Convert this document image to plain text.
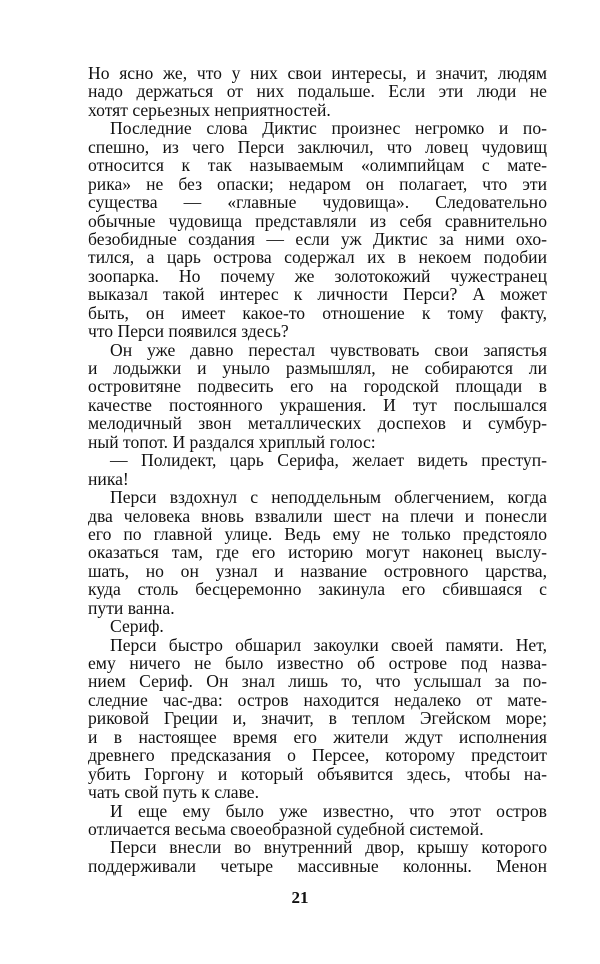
Но ясно же, что у них свои интересы, и значит, людям
надо держаться от них подальше. Если эти люди не
хотят серьезных неприятностей.
Последние слова Диктис произнес негромко и по-
спешно, из чего Перси заключил, что ловец чудовищ
относится к так называемым «олимпийцам с мате-
рика» не без опаски; недаром он полагает, что эти
существа — «главные чудовища». Следовательно
обычные чудовища представляли из себя сравнительно
безобидные создания — если уж Диктис за ними охо-
тился, а царь острова содержал их в некоем подобии
зоопарка. Но почему же золотокожий чужестранец
выказал такой интерес к личности Перси? А может
быть, он имеет какое-то отношение к тому факту,
что Перси появился здесь?
Он уже давно перестал чувствовать свои запястья
и лодыжки и уныло размышлял, не собираются ли
островитяне подвесить его на городской площади в
качестве постоянного украшения. И тут послышался
мелодичный звон металлических доспехов и сумбур-
ный топот. И раздался хриплый голос:
— Полидект, царь Серифа, желает видеть преступ-
ника!
Перси вздохнул с неподдельным облегчением, когда
два человека вновь взвалили шест на плечи и понесли
его по главной улице. Ведь ему не только предстояло
оказаться там, где его историю могут наконец выслу-
шать, но он узнал и название островного царства,
куда столь бесцеремонно закинула его сбившаяся с
пути ванна.
Сериф.
Перси быстро обшарил закоулки своей памяти. Нет,
ему ничего не было известно об острове под назва-
нием Сериф. Он знал лишь то, что услышал за по-
следние час-два: остров находится недалеко от мате-
риковой Греции и, значит, в теплом Эгейском море;
и в настоящее время его жители ждут исполнения
древнего предсказания о Персее, которому предстоит
убить Горгону и который объявится здесь, чтобы на-
чать свой путь к славе.
И еще ему было уже известно, что этот остров
отличается весьма своеобразной судебной системой.
Перси внесли во внутренний двор, крышу которого
поддерживали четыре массивные колонны. Менон
21
